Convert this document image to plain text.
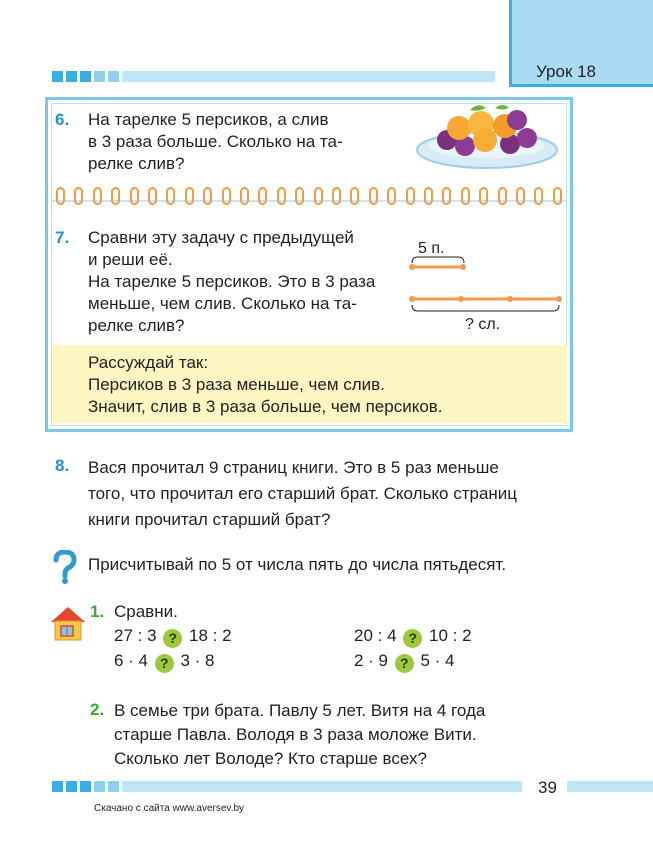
Урок 18
6. На тарелке 5 персиков, а слив
в 3 раза больше. Сколько на та-
релке слив?
7. Сравни эту задачу с предыдущей
и реши её.
На тарелке 5 персиков. Это в 3 раза
меньше, чем слив. Сколько на та-
релке слив?
5 п.
? сл.
Рассуждай так:
Персиков в 3 раза меньше, чем слив.
Значит, слив в 3 раза больше, чем персиков.
8. Вася прочитал 9 страниц книги. Это в 5 раз меньше
того, что прочитал его старший брат. Сколько страниц
книги прочитал старший брат?
Присчитывай по 5 от числа пять до числа пятьдесят.
1. Сравни.
27 : 3 ? 18 : 2
6 · 4 ? 3 · 8
20 : 4 ? 10 : 2
2 · 9 ? 5 · 4
2. В семье три брата. Павлу 5 лет. Витя на 4 года
старше Павла. Володя в 3 раза моложе Вити.
Сколько лет Володе? Кто старше всех?
39
Скачано с сайта www.aversev.by
